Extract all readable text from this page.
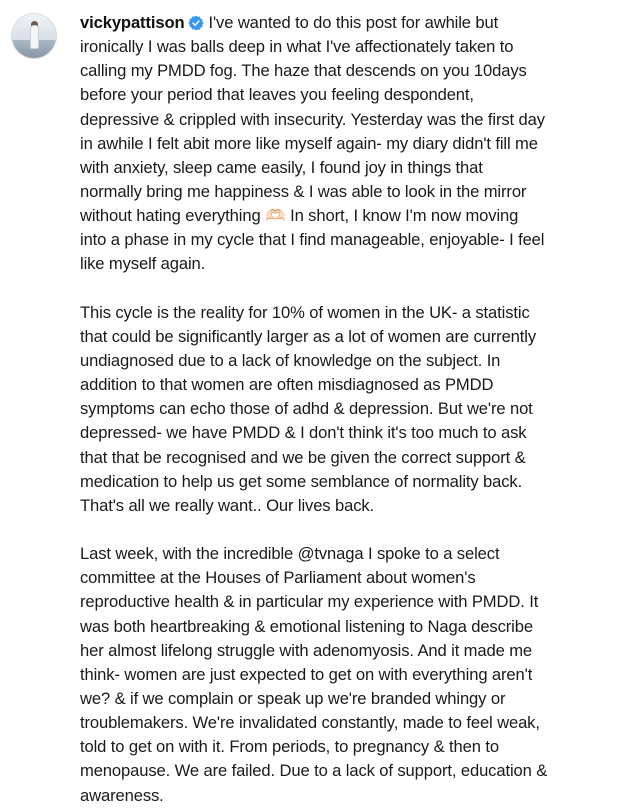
vickypattison I've wanted to do this post for awhile but
ironically I was balls deep in what I've affectionately taken to
calling my PMDD fog. The haze that descends on you 10days
before your period that leaves you feeling despondent,
depressive & crippled with insecurity. Yesterday was the first day
in awhile I felt abit more like myself again- my diary didn't fill me
with anxiety, sleep came easily, I found joy in things that
normally bring me happiness & I was able to look in the mirror
without hating everything 🫶🏻 In short, I know I'm now moving
into a phase in my cycle that I find manageable, enjoyable- I feel
like myself again.
This cycle is the reality for 10% of women in the UK- a statistic
that could be significantly larger as a lot of women are currently
undiagnosed due to a lack of knowledge on the subject. In
addition to that women are often misdiagnosed as PMDD
symptoms can echo those of adhd & depression. But we're not
depressed- we have PMDD & I don't think it's too much to ask
that that be recognised and we be given the correct support &
medication to help us get some semblance of normality back.
That's all we really want.. Our lives back.
Last week, with the incredible @tvnaga I spoke to a select
committee at the Houses of Parliament about women's
reproductive health & in particular my experience with PMDD. It
was both heartbreaking & emotional listening to Naga describe
her almost lifelong struggle with adenomyosis. And it made me
think- women are just expected to get on with everything aren't
we? & if we complain or speak up we're branded whingy or
troublemakers. We're invalidated constantly, made to feel weak,
told to get on with it. From periods, to pregnancy & then to
menopause. We are failed. Due to a lack of support, education &
awareness.
